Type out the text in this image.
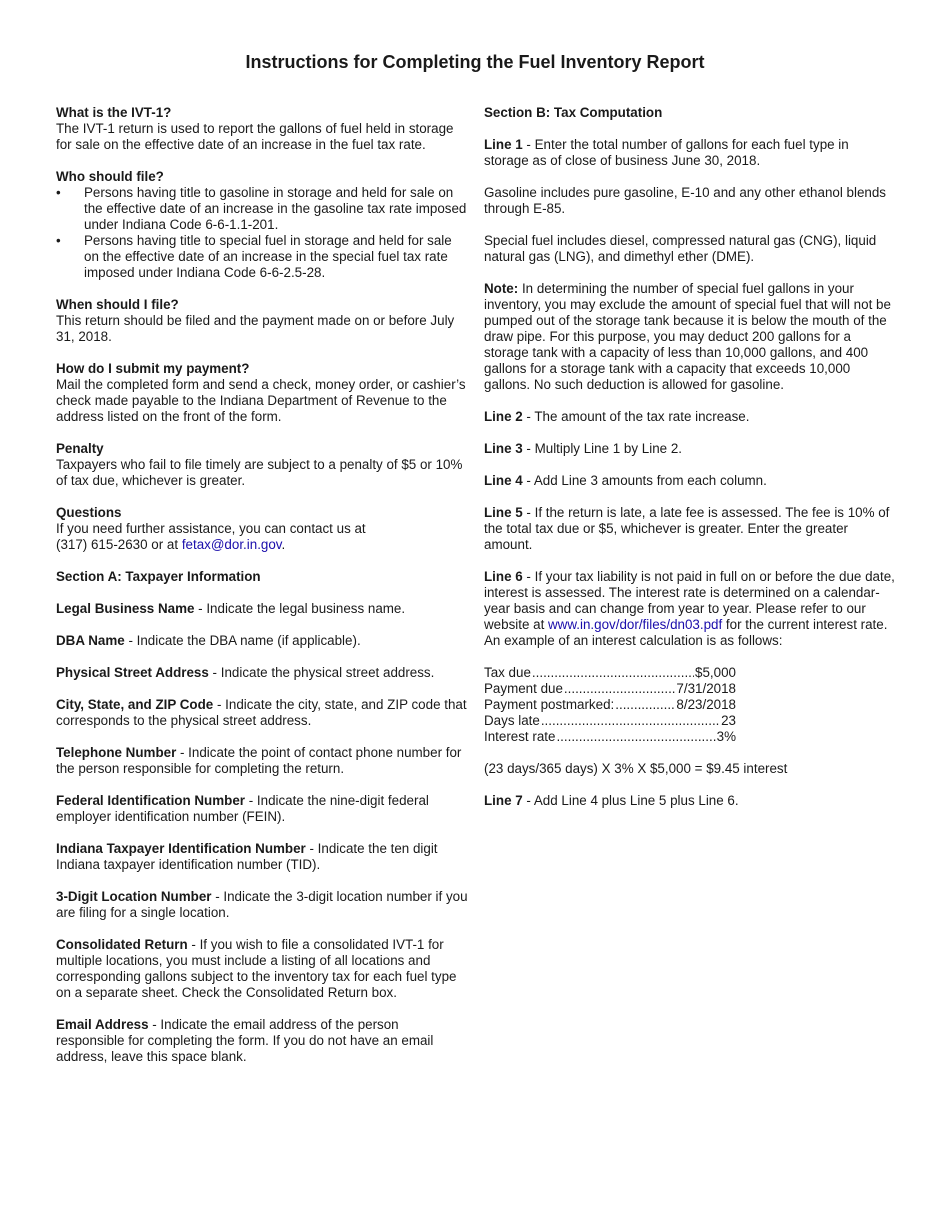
Instructions for Completing the Fuel Inventory Report

What is the IVT-1?

The IVT-1 return is used to report the gallons of fuel held in storage for sale on the effective date of an increase in the fuel tax rate.

Who should file?

• Persons having title to gasoline in storage and held for sale on the effective date of an increase in the gasoline tax rate imposed under Indiana Code 6-6-1.1-201.
• Persons having title to special fuel in storage and held for sale on the effective date of an increase in the special fuel tax rate imposed under Indiana Code 6-6-2.5-28.

When should I file?

This return should be filed and the payment made on or before July 31, 2018.

How do I submit my payment?

Mail the completed form and send a check, money order, or cashier’s check made payable to the Indiana Department of Revenue to the address listed on the front of the form.

Penalty

Taxpayers who fail to file timely are subject to a penalty of $5 or 10% of tax due, whichever is greater.

Questions

If you need further assistance, you can contact us at
(317) 615-2630 or at fetax@dor.in.gov.

Section A: Taxpayer Information

Legal Business Name - Indicate the legal business name.

DBA Name - Indicate the DBA name (if applicable).

Physical Street Address - Indicate the physical street address.

City, State, and ZIP Code - Indicate the city, state, and ZIP code that corresponds to the physical street address.

Telephone Number - Indicate the point of contact phone number for the person responsible for completing the return.

Federal Identification Number - Indicate the nine-digit federal employer identification number (FEIN).

Indiana Taxpayer Identification Number - Indicate the ten digit Indiana taxpayer identification number (TID).

3-Digit Location Number - Indicate the 3-digit location number if you are filing for a single location.

Consolidated Return - If you wish to file a consolidated IVT-1 for multiple locations, you must include a listing of all locations and corresponding gallons subject to the inventory tax for each fuel type on a separate sheet. Check the Consolidated Return box.

Email Address - Indicate the email address of the person responsible for completing the form. If you do not have an email address, leave this space blank.

Section B: Tax Computation

Line 1 - Enter the total number of gallons for each fuel type in storage as of close of business June 30, 2018.

Gasoline includes pure gasoline, E-10 and any other ethanol blends through E-85.

Special fuel includes diesel, compressed natural gas (CNG), liquid natural gas (LNG), and dimethyl ether (DME).

Note: In determining the number of special fuel gallons in your inventory, you may exclude the amount of special fuel that will not be pumped out of the storage tank because it is below the mouth of the draw pipe. For this purpose, you may deduct 200 gallons for a storage tank with a capacity of less than 10,000 gallons, and 400 gallons for a storage tank with a capacity that exceeds 10,000 gallons. No such deduction is allowed for gasoline.

Line 2 - The amount of the tax rate increase.

Line 3 - Multiply Line 1 by Line 2.

Line 4 - Add Line 3 amounts from each column.

Line 5 - If the return is late, a late fee is assessed. The fee is 10% of the total tax due or $5, whichever is greater. Enter the greater amount.

Line 6 - If your tax liability is not paid in full on or before the due date, interest is assessed. The interest rate is determined on a calendar-year basis and can change from year to year. Please refer to our website at www.in.gov/dor/files/dn03.pdf for the current interest rate. An example of an interest calculation is as follows:

Tax due .....	$5,000
Payment due .....	7/31/2018
Payment postmarked: .....	8/23/2018
Days late .....	23
Interest rate .....	3%

(23 days/365 days) X 3% X $5,000 = $9.45 interest

Line 7 - Add Line 4 plus Line 5 plus Line 6.
